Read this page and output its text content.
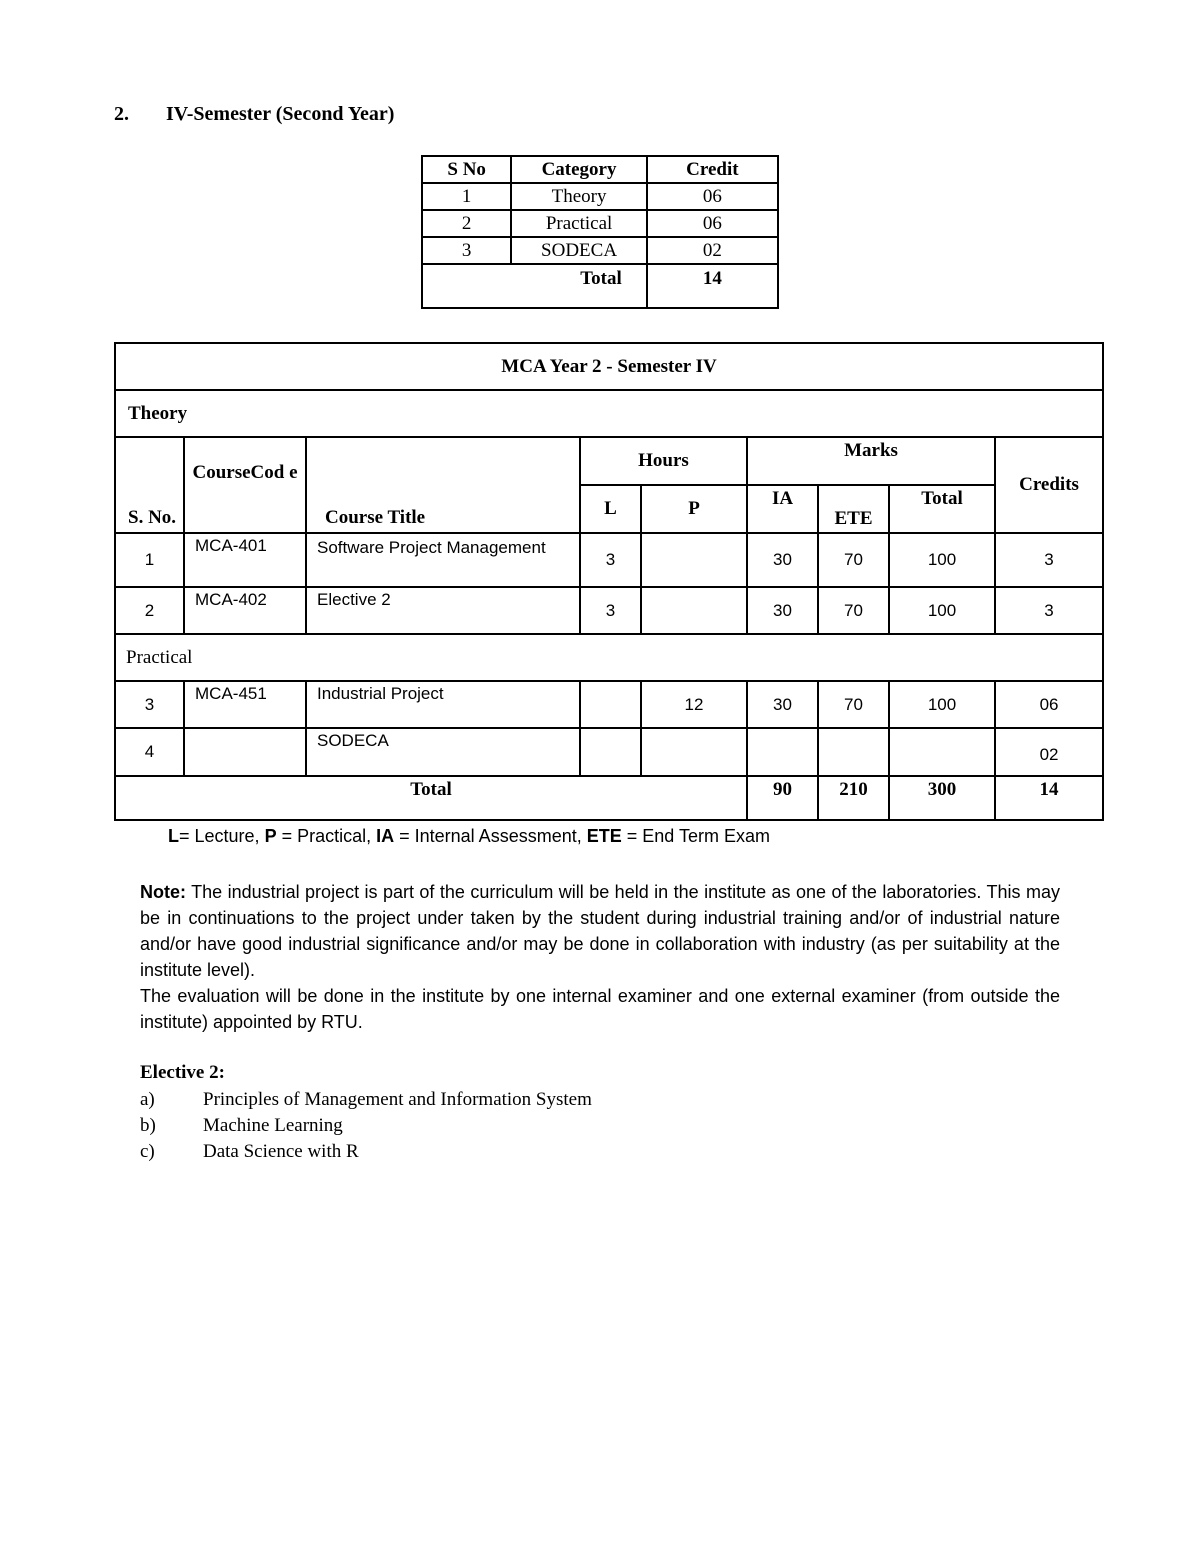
2. IV-Semester (Second Year)
S No	Category	Credit
1	Theory	06
2	Practical	06
3	SODECA	02
Total		14
MCA Year 2 - Semester IV								
Theory								
S. No.	CourseCod e	Course Title	Hours		Marks			Credits
			L	P	IA	ETE	Total	
1	MCA-401	Software Project Management	3		30	70	100	3
2	MCA-402	Elective 2	3		30	70	100	3
Practical								
3	MCA-451	Industrial Project		12	30	70	100	06
4		SODECA						02
Total					90	210	300	14
L= Lecture, P = Practical, IA = Internal Assessment, ETE = End Term Exam

Note: The industrial project is part of the curriculum will be held in the institute as one of the laboratories. This may be in continuations to the project under taken by the student during industrial training and/or of industrial nature and/or have good industrial significance and/or may be done in collaboration with industry (as per suitability at the institute level).

The evaluation will be done in the institute by one internal examiner and one external examiner (from outside the institute) appointed by RTU.

Elective 2:
a)	Principles of Management and Information System
b) Machine Learning
c)	Data Science with R
